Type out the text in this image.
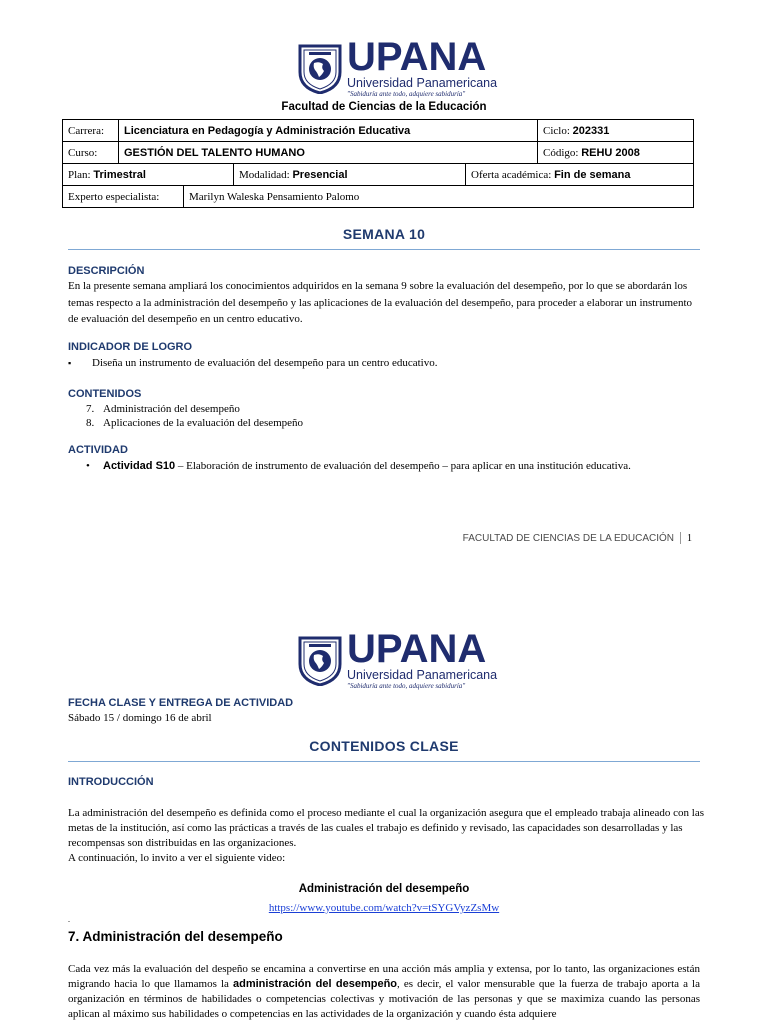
UPANA
Universidad Panamericana
"Sabiduría ante todo, adquiere sabiduría"
Facultad de Ciencias de la Educación
Carrera:	Licenciatura en Pedagogía y Administración Educativa	Ciclo: 202331
Curso:	GESTIÓN DEL TALENTO HUMANO	Código: REHU 2008
Plan: Trimestral	Modalidad: Presencial	Oferta académica: Fin de semana
Experto especialista:	Marilyn Waleska Pensamiento Palomo
SEMANA 10
DESCRIPCIÓN
En la presente semana ampliará los conocimientos adquiridos en la semana 9 sobre la evaluación del desempeño, por lo que se abordarán los temas respecto a la administración del desempeño y las aplicaciones de la evaluación del desempeño, para proceder a elaborar un instrumento de evaluación del desempeño en un centro educativo.
INDICADOR DE LOGRO
▪	Diseña un instrumento de evaluación del desempeño para un centro educativo.
CONTENIDOS
7. Administración del desempeño
8. Aplicaciones de la evaluación del desempeño
ACTIVIDAD
• Actividad S10 – Elaboración de instrumento de evaluación del desempeño – para aplicar en una institución educativa.
FACULTAD DE CIENCIAS DE LA EDUCACIÓN 1
UPANA
Universidad Panamericana
"Sabiduría ante todo, adquiere sabiduría"
FECHA CLASE Y ENTREGA DE ACTIVIDAD
Sábado 15 / domingo 16 de abril
CONTENIDOS CLASE
INTRODUCCIÓN
La administración del desempeño es definida como el proceso mediante el cual la organización asegura que el empleado trabaja alineado con las metas de la institución, así como las prácticas a través de las cuales el trabajo es definido y revisado, las capacidades son desarrolladas y las recompensas son distribuidas en las organizaciones.
A continuación, lo invito a ver el siguiente video:
Administración del desempeño
https://www.youtube.com/watch?v=tSYGVyzZsMw
.
7. Administración del desempeño
Cada vez más la evaluación del despeño se encamina a convertirse en una acción más amplia y extensa, por lo tanto, las organizaciones están migrando hacia lo que llamamos la administración del desempeño, es decir, el valor mensurable que la fuerza de trabajo aporta a la organización en términos de habilidades o competencias colectivas y motivación de las personas y que se maximiza cuando las personas aplican al máximo sus habilidades o competencias en las actividades de la organización y cuando ésta adquiere
